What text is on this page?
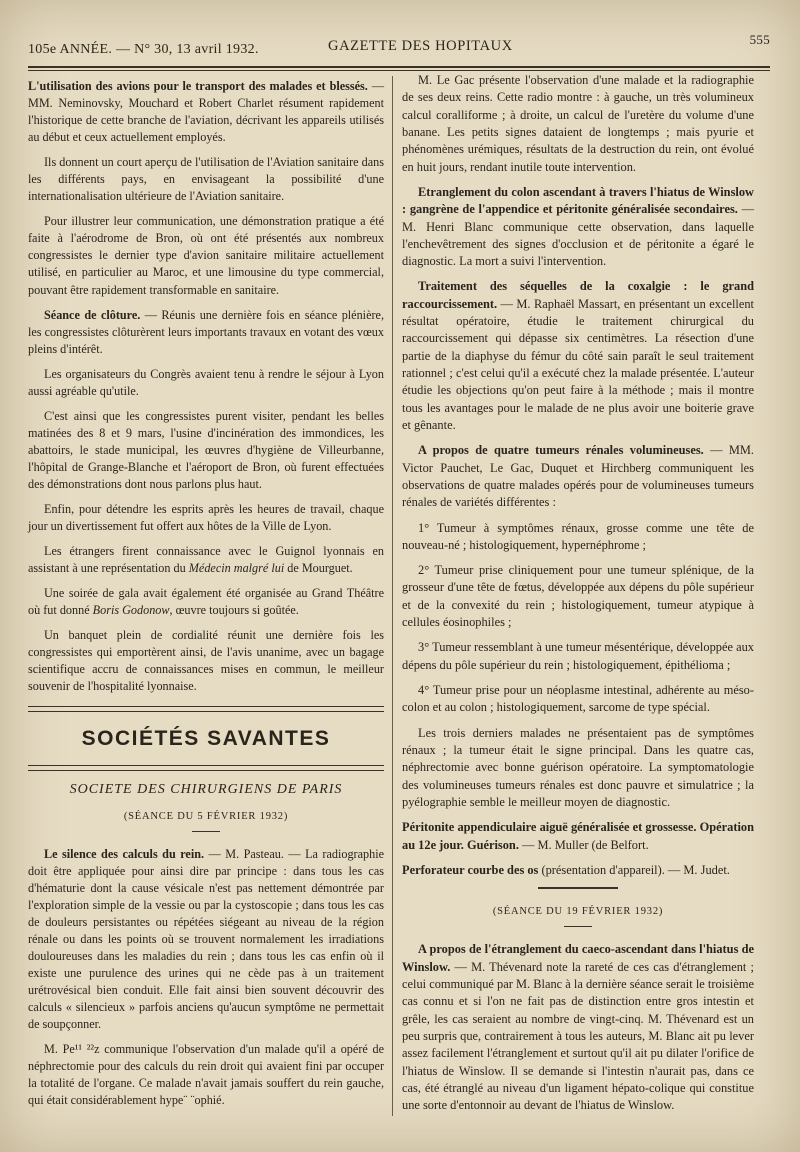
105e ANNÉE. — N° 30, 13 avril 1932.	GAZETTE DES HOPITAUX	555

L'utilisation des avions pour le transport des malades et blessés. — MM. Neminovsky, Mouchard et Robert Charlet résument rapidement l'historique de cette branche de l'aviation, décrivant les appareils utilisés au début et ceux actuellement employés.

Ils donnent un court aperçu de l'utilisation de l'Aviation sanitaire dans les différents pays, en envisageant la possibilité d'une internationalisation ultérieure de l'Aviation sanitaire.

Pour illustrer leur communication, une démonstration pratique a été faite à l'aérodrome de Bron, où ont été présentés aux nombreux congressistes le dernier type d'avion sanitaire militaire actuellement utilisé, en particulier au Maroc, et une limousine du type commercial, pouvant être rapidement transformable en sanitaire.

Séance de clôture. — Réunis une dernière fois en séance plénière, les congressistes clôturèrent leurs importants travaux en votant des vœux pleins d'intérêt.

Les organisateurs du Congrès avaient tenu à rendre le séjour à Lyon aussi agréable qu'utile.

C'est ainsi que les congressistes purent visiter, pendant les belles matinées des 8 et 9 mars, l'usine d'incinération des immondices, les abattoirs, le stade municipal, les œuvres d'hygiène de Villeurbanne, l'hôpital de Grange-Blanche et l'aéroport de Bron, où furent effectuées des démonstrations dont nous parlons plus haut.

Enfin, pour détendre les esprits après les heures de travail, chaque jour un divertissement fut offert aux hôtes de la Ville de Lyon.

Les étrangers firent connaissance avec le Guignol lyonnais en assistant à une représentation du Médecin malgré lui de Mourguet.

Une soirée de gala avait également été organisée au Grand Théâtre où fut donné Boris Godonow, œuvre toujours si goûtée.

Un banquet plein de cordialité réunit une dernière fois les congressistes qui emportèrent ainsi, de l'avis unanime, avec un bagage scientifique accru de connaissances mises en commun, le meilleur souvenir de l'hospitalité lyonnaise.

SOCIÉTÉS SAVANTES
SOCIETE DES CHIRURGIENS DE PARIS
(SÉANCE DU 5 FÉVRIER 1932)

Le silence des calculs du rein. — M. Pasteau. — La radiographie doit être appliquée pour ainsi dire par principe : dans tous les cas d'hématurie dont la cause vésicale n'est pas nettement démontrée par l'exploration simple de la vessie ou par la cystoscopie ; dans tous les cas de douleurs persistantes ou répétées siégeant au niveau de la région rénale ou dans les points où se trouvent normalement les irradiations douloureuses dans les maladies du rein ; dans tous les cas enfin où il existe une purulence des urines qui ne cède pas à un traitement urétrovésical bien conduit. Elle fait ainsi bien souvent découvrir des calculs « silencieux » parfois anciens qu'aucun symptôme ne permettait de soupçonner.

M. Pe¹¹ ²²z communique l'observation d'un malade qu'il a opéré de néphrectomie pour des calculs du rein droit qui avaient fini par occuper la totalité de l'organe. Ce malade n'avait jamais souffert du rein gauche, qui était considérablement hype¨ ¨ophié.

M. Le Gac présente l'observation d'une malade et la radiographie de ses deux reins. Cette radio montre : à gauche, un très volumineux calcul coralliforme ; à droite, un calcul de l'uretère du volume d'une banane. Les petits signes dataient de longtemps ; mais pyurie et phénomènes urémiques, résultats de la destruction du rein, ont évolué en huit jours, rendant inutile toute intervention.

Etranglement du colon ascendant à travers l'hiatus de Winslow : gangrène de l'appendice et péritonite généralisée secondaires. — M. Henri Blanc communique cette observation, dans laquelle l'enchevêtrement des signes d'occlusion et de péritonite a égaré le diagnostic. La mort a suivi l'intervention.

Traitement des séquelles de la coxalgie : le grand raccourcissement. — M. Raphaël Massart, en présentant un excellent résultat opératoire, étudie le traitement chirurgical du raccourcissement qui dépasse six centimètres. La résection d'une partie de la diaphyse du fémur du côté sain paraît le seul traitement rationnel ; c'est celui qu'il a exécuté chez la malade présentée. L'auteur étudie les objections qu'on peut faire à la méthode ; mais il montre tous les avantages pour le malade de ne plus avoir une boiterie grave et gênante.

A propos de quatre tumeurs rénales volumineuses. — MM. Victor Pauchet, Le Gac, Duquet et Hirchberg communiquent les observations de quatre malades opérés pour de volumineuses tumeurs rénales de variétés différentes :

1° Tumeur à symptômes rénaux, grosse comme une tête de nouveau-né ; histologiquement, hypernéphrome ;

2° Tumeur prise cliniquement pour une tumeur splénique, de la grosseur d'une tête de fœtus, développée aux dépens du pôle supérieur et de la convexité du rein ; histologiquement, tumeur atypique à cellules éosinophiles ;

3° Tumeur ressemblant à une tumeur mésentérique, développée aux dépens du pôle supérieur du rein ; histologiquement, épithélioma ;

4° Tumeur prise pour un néoplasme intestinal, adhérente au méso-colon et au colon ; histologiquement, sarcome de type spécial.

Les trois derniers malades ne présentaient pas de symptômes rénaux ; la tumeur était le signe principal. Dans les quatre cas, néphrectomie avec bonne guérison opératoire. La symptomatologie des volumineuses tumeurs rénales est donc pauvre et simulatrice ; la pyélographie semble le meilleur moyen de diagnostic.

Péritonite appendiculaire aiguë généralisée et grossesse. Opération au 12e jour. Guérison. — M. Muller (de Belfort.

Perforateur courbe des os (présentation d'appareil). — M. Judet.

(SÉANCE DU 19 FÉVRIER 1932)

A propos de l'étranglement du caeco-ascendant dans l'hiatus de Winslow. — M. Thévenard note la rareté de ces cas d'étranglement ; celui communiqué par M. Blanc à la dernière séance serait le troisième cas connu et si l'on ne fait pas de distinction entre gros intestin et grêle, les cas seraient au nombre de vingt-cinq. M. Thévenard est un peu surpris que, contrairement à tous les auteurs, M. Blanc ait pu lever assez facilement l'étranglement et surtout qu'il ait pu dilater l'orifice de l'hiatus de Winslow. Il se demande si l'intestin n'aurait pas, dans ce cas, été étranglé au niveau d'un ligament hépato-colique qui constitue une sorte d'entonnoir au devant de l'hiatus de Winslow.
